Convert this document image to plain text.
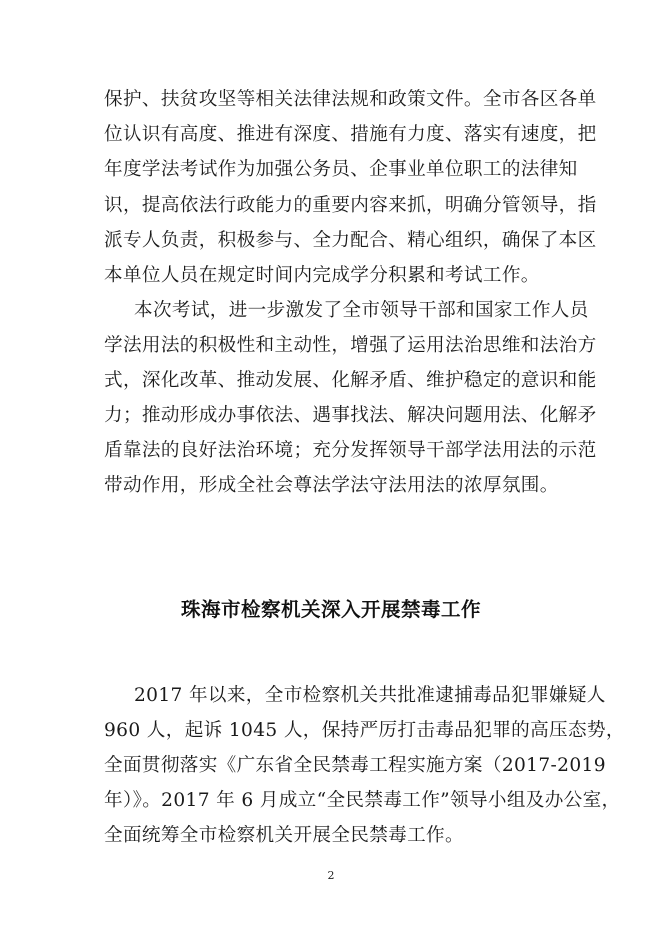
保护、扶贫攻坚等相关法律法规和政策文件。全市各区各单
位认识有高度、推进有深度、措施有力度、落实有速度，把
年度学法考试作为加强公务员、企事业单位职工的法律知
识，提高依法行政能力的重要内容来抓，明确分管领导，指
派专人负责，积极参与、全力配合、精心组织，确保了本区
本单位人员在规定时间内完成学分积累和考试工作。
本次考试，进一步激发了全市领导干部和国家工作人员
学法用法的积极性和主动性，增强了运用法治思维和法治方
式，深化改革、推动发展、化解矛盾、维护稳定的意识和能
力；推动形成办事依法、遇事找法、解决问题用法、化解矛
盾靠法的良好法治环境；充分发挥领导干部学法用法的示范
带动作用，形成全社会尊法学法守法用法的浓厚氛围。
珠海市检察机关深入开展禁毒工作
2017 年以来，全市检察机关共批准逮捕毒品犯罪嫌疑人
960 人，起诉 1045 人，保持严厉打击毒品犯罪的高压态势，
全面贯彻落实《广东省全民禁毒工程实施方案（2017-2019
年）》。2017 年 6 月成立“全民禁毒工作”领导小组及办公室，
全面统筹全市检察机关开展全民禁毒工作。
2
